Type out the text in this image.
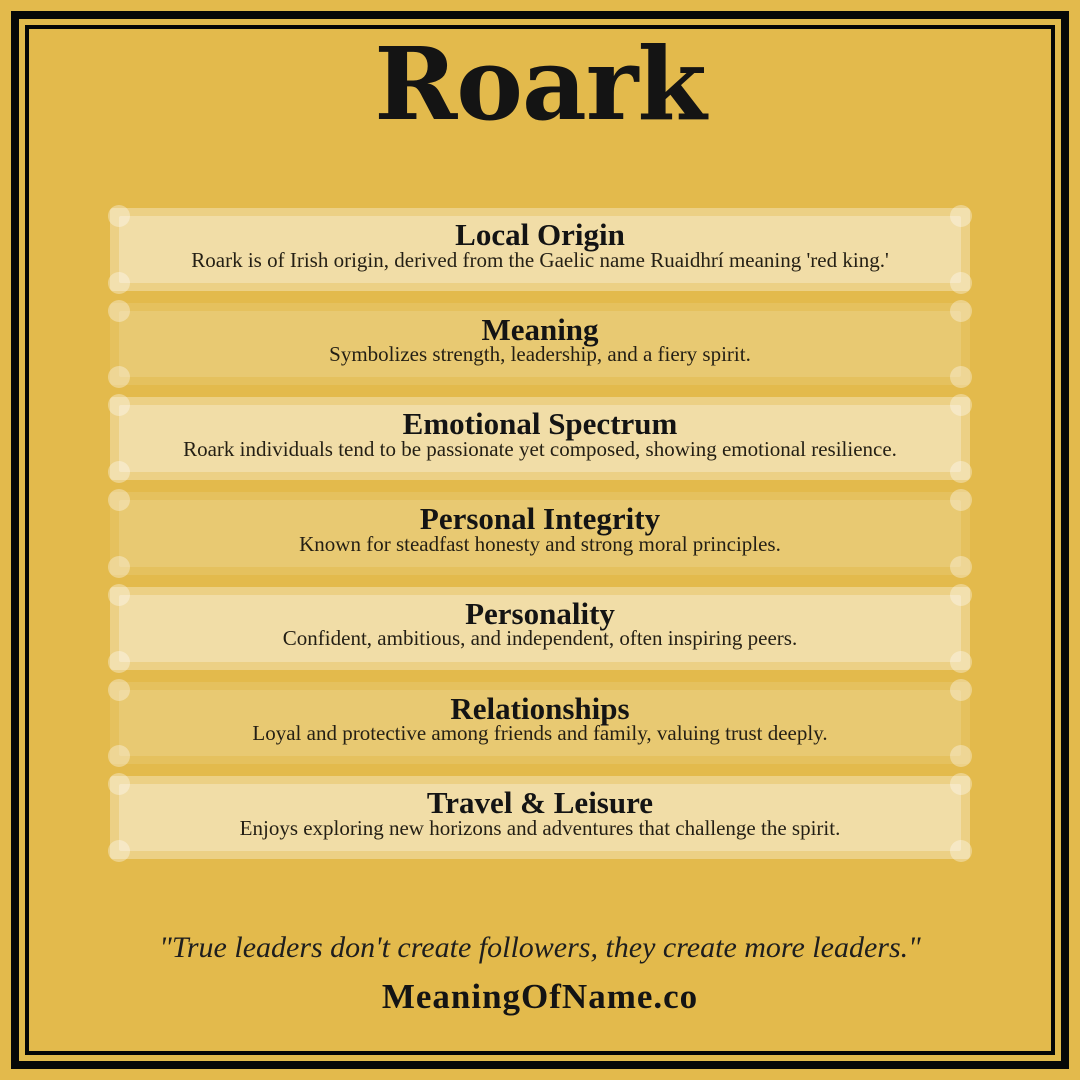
Roark
Local Origin

Roark is of Irish origin, derived from the Gaelic name Ruaidhrí meaning 'red king.'

Meaning

Symbolizes strength, leadership, and a fiery spirit.

Emotional Spectrum

Roark individuals tend to be passionate yet composed, showing emotional resilience.

Personal Integrity

Known for steadfast honesty and strong moral principles.

Personality

Confident, ambitious, and independent, often inspiring peers.

Relationships

Loyal and protective among friends and family, valuing trust deeply.

Travel & Leisure

Enjoys exploring new horizons and adventures that challenge the spirit.

"True leaders don't create followers, they create more leaders."
MeaningOfName.co
